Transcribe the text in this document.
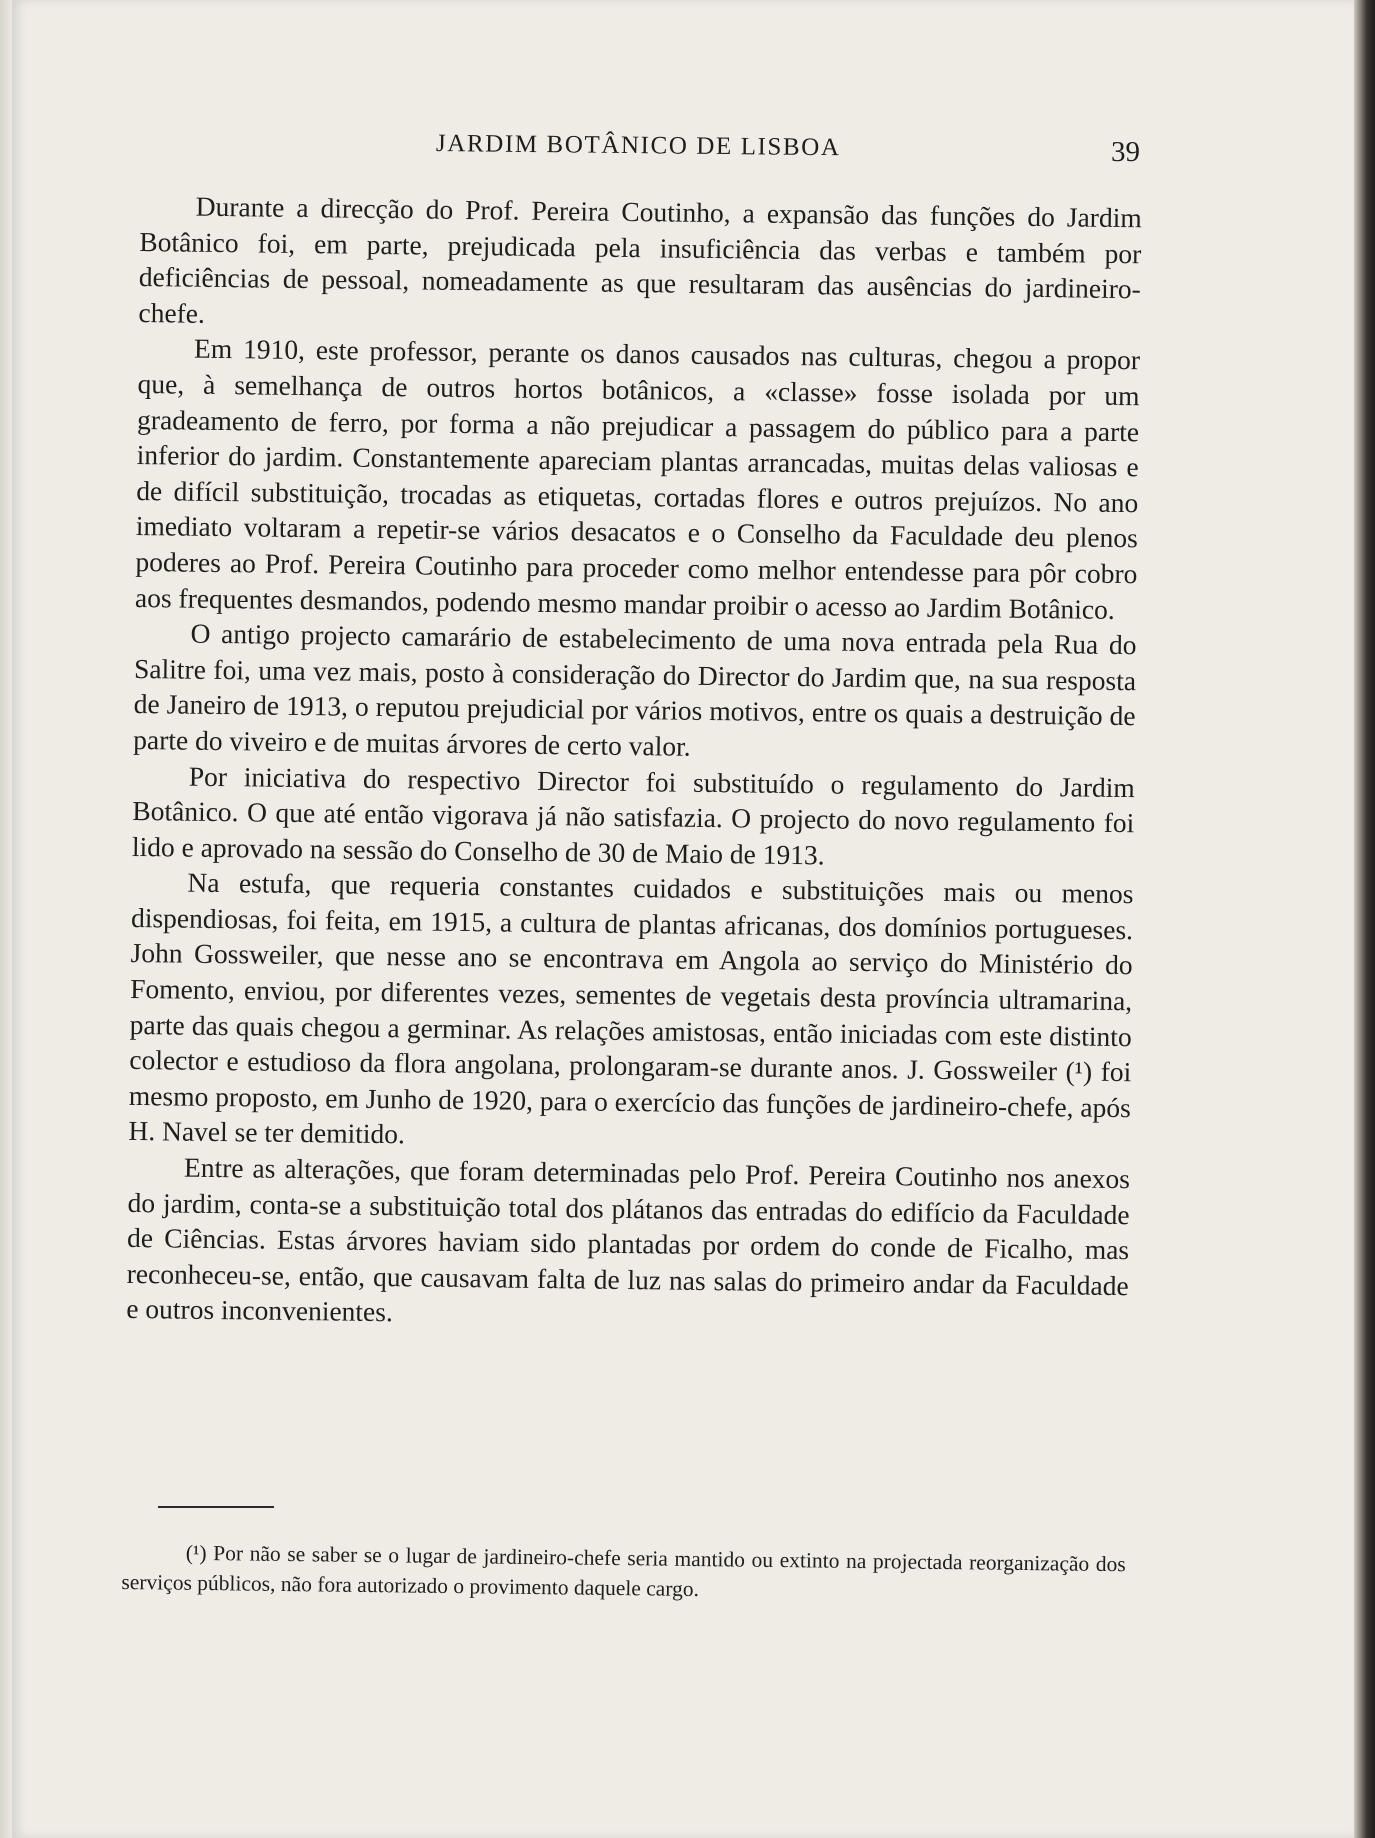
JARDIM BOTÂNICO DE LISBOA	39

Durante a direcção do Prof. Pereira Coutinho, a expansão das funções do Jardim Botânico foi, em parte, prejudicada pela insuficiência das verbas e também por deficiências de pessoal, nomeadamente as que resultaram das ausências do jardineiro-chefe.

Em 1910, este professor, perante os danos causados nas culturas, chegou a propor que, à semelhança de outros hortos botânicos, a «classe» fosse isolada por um gradeamento de ferro, por forma a não prejudicar a passagem do público para a parte inferior do jardim. Constantemente apareciam plantas arrancadas, muitas delas valiosas e de difícil substituição, trocadas as etiquetas, cortadas flores e outros prejuízos. No ano imediato voltaram a repetir-se vários desacatos e o Conselho da Faculdade deu plenos poderes ao Prof. Pereira Coutinho para proceder como melhor entendesse para pôr cobro aos frequentes desmandos, podendo mesmo mandar proibir o acesso ao Jardim Botânico.

O antigo projecto camarário de estabelecimento de uma nova entrada pela Rua do Salitre foi, uma vez mais, posto à consideração do Director do Jardim que, na sua resposta de Janeiro de 1913, o reputou prejudicial por vários motivos, entre os quais a destruição de parte do viveiro e de muitas árvores de certo valor.

Por iniciativa do respectivo Director foi substituído o regulamento do Jardim Botânico. O que até então vigorava já não satisfazia. O projecto do novo regulamento foi lido e aprovado na sessão do Conselho de 30 de Maio de 1913.

Na estufa, que requeria constantes cuidados e substituições mais ou menos dispendiosas, foi feita, em 1915, a cultura de plantas africanas, dos domínios portugueses. John Gossweiler, que nesse ano se encontrava em Angola ao serviço do Ministério do Fomento, enviou, por diferentes vezes, sementes de vegetais desta província ultramarina, parte das quais chegou a germinar. As relações amistosas, então iniciadas com este distinto colector e estudioso da flora angolana, prolongaram-se durante anos. J. Gossweiler (¹) foi mesmo proposto, em Junho de 1920, para o exercício das funções de jardineiro-chefe, após H. Navel se ter demitido.

Entre as alterações, que foram determinadas pelo Prof. Pereira Coutinho nos anexos do jardim, conta-se a substituição total dos plátanos das entradas do edifício da Faculdade de Ciências. Estas árvores haviam sido plantadas por ordem do conde de Ficalho, mas reconheceu-se, então, que causavam falta de luz nas salas do primeiro andar da Faculdade e outros inconvenientes.

(¹) Por não se saber se o lugar de jardineiro-chefe seria mantido ou extinto na projectada reorganização dos serviços públicos, não fora autorizado o provimento daquele cargo.
